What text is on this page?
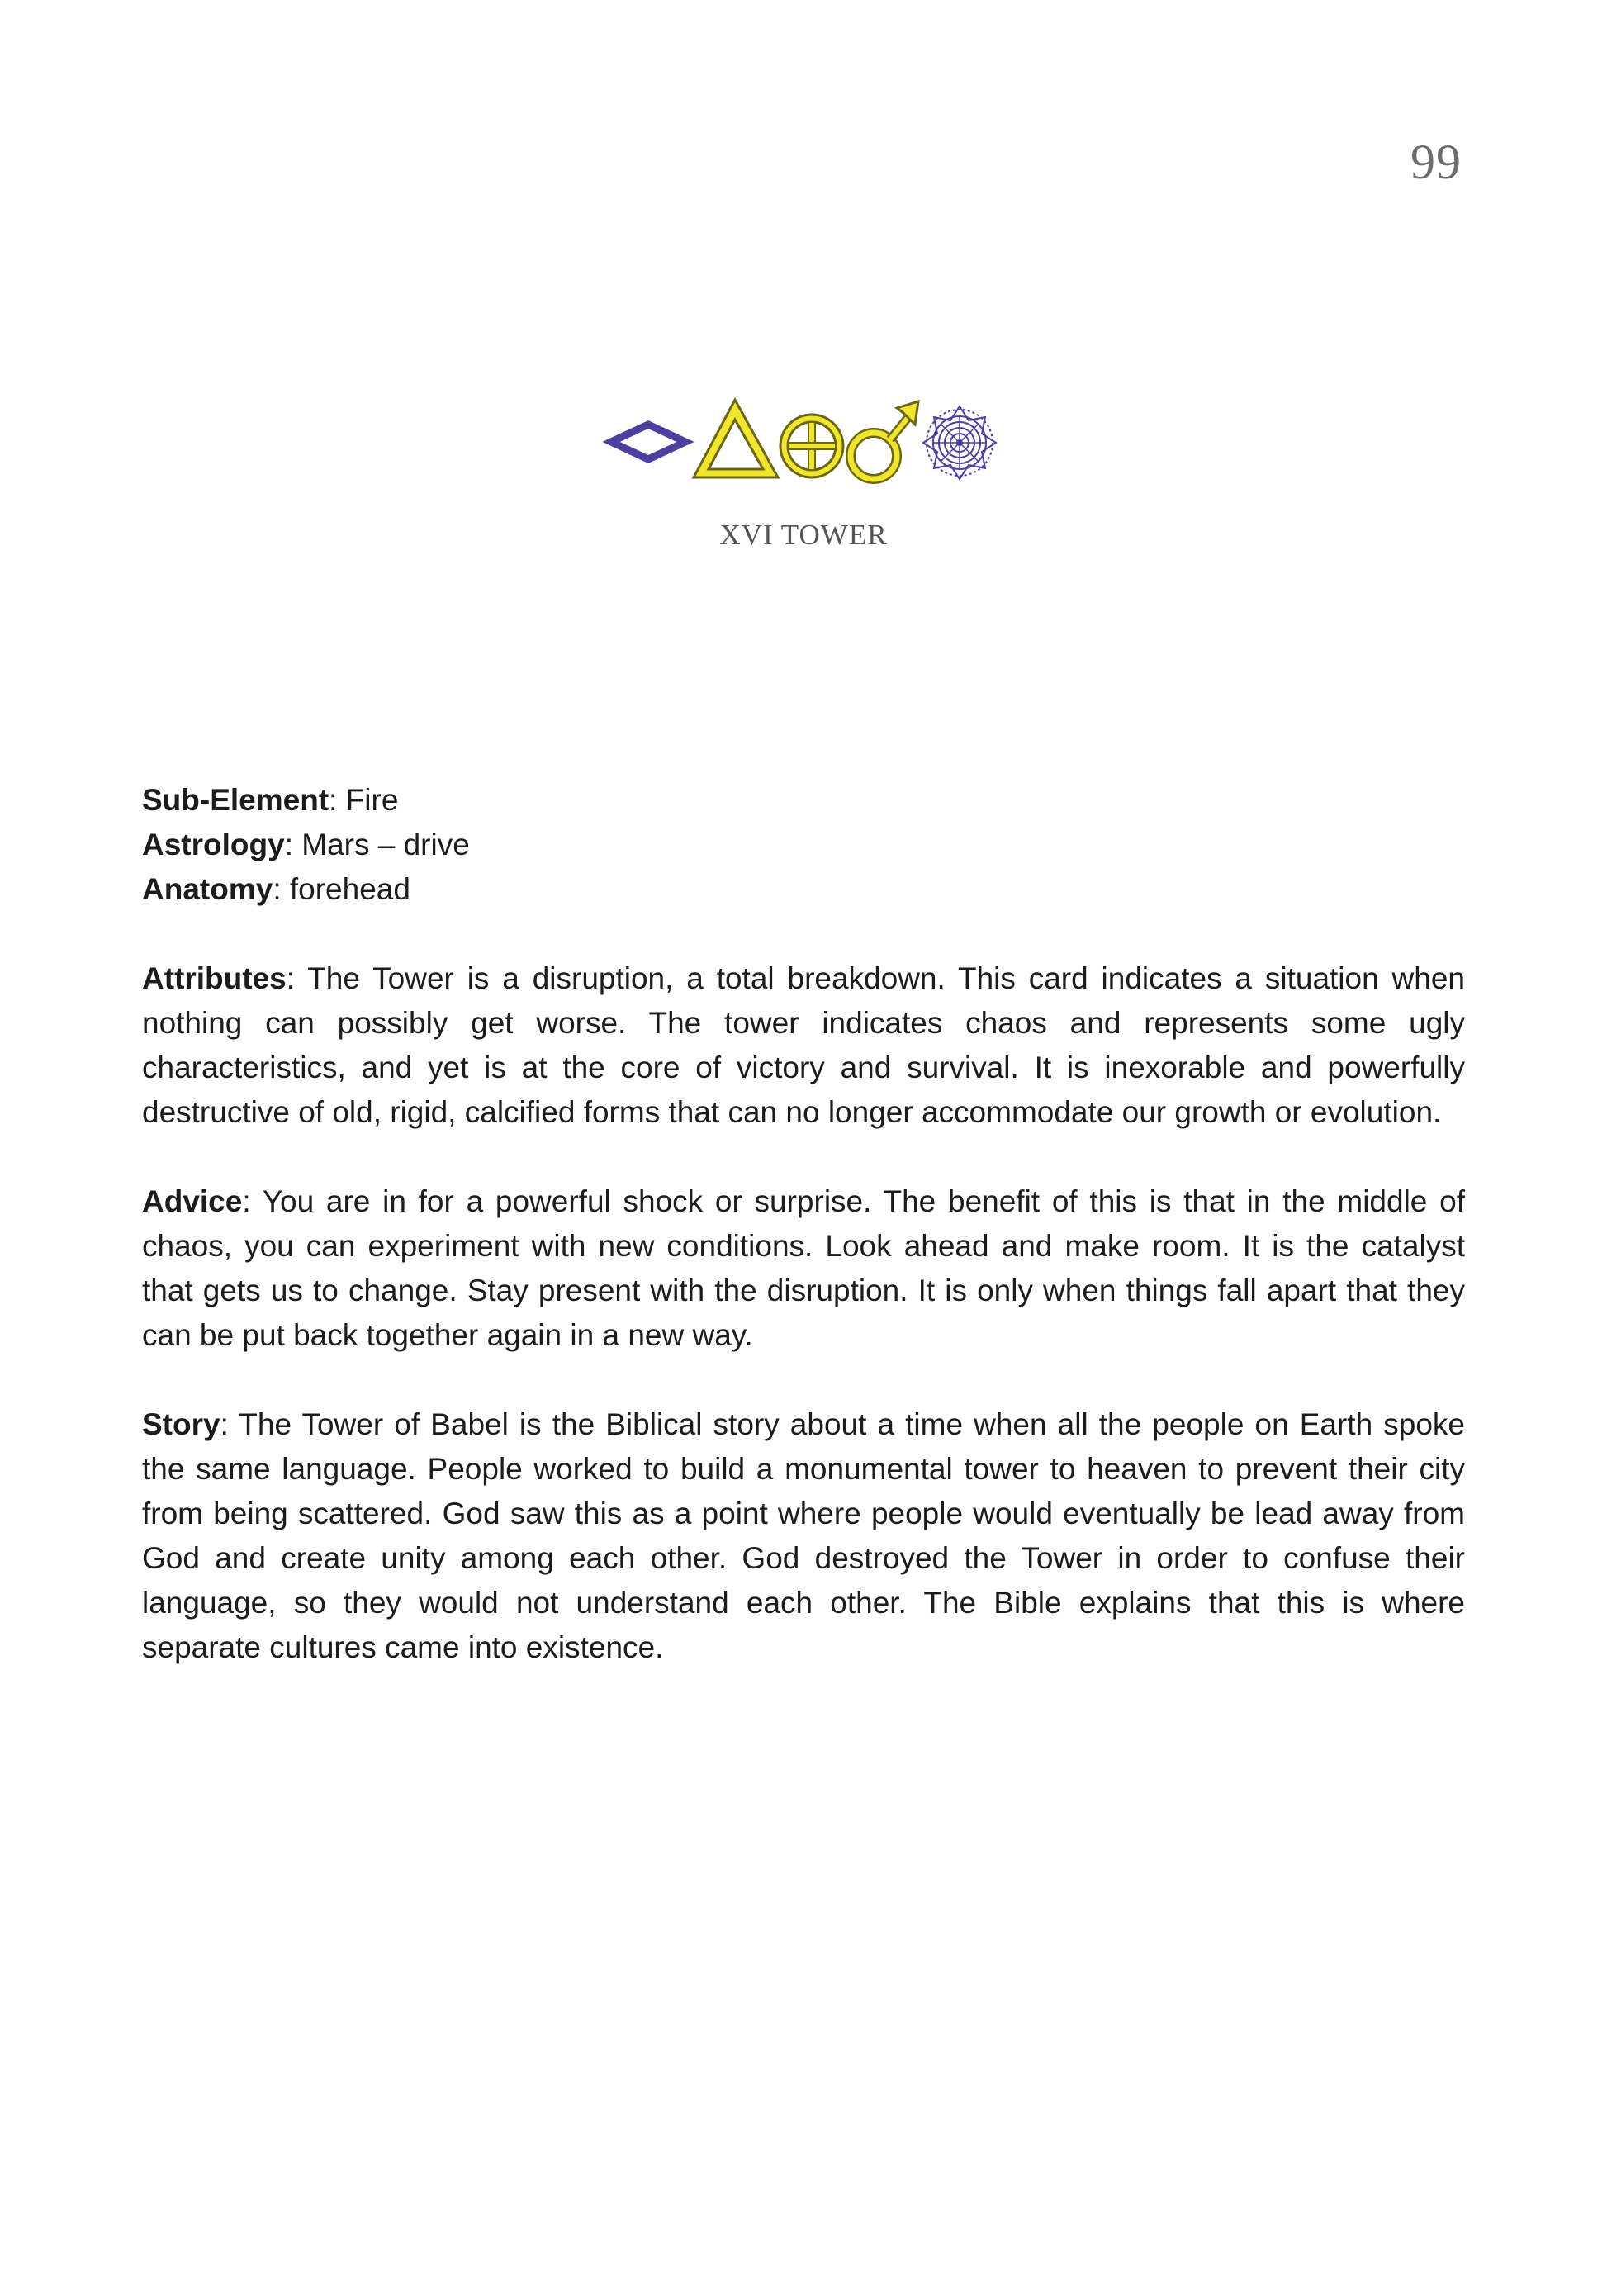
99
XVI TOWER

Sub-Element: Fire

Astrology: Mars – drive

Anatomy: forehead

Attributes: The Tower is a disruption, a total breakdown. This card indicates a situation when nothing can possibly get worse. The tower indicates chaos and represents some ugly characteristics, and yet is at the core of victory and survival. It is inexorable and powerfully destructive of old, rigid, calcified forms that can no longer accommodate our growth or evolution.

Advice: You are in for a powerful shock or surprise. The benefit of this is that in the middle of chaos, you can experiment with new conditions. Look ahead and make room. It is the catalyst that gets us to change. Stay present with the disruption. It is only when things fall apart that they can be put back together again in a new way.

Story: The Tower of Babel is the Biblical story about a time when all the people on Earth spoke the same language. People worked to build a monumental tower to heaven to prevent their city from being scattered. God saw this as a point where people would eventually be lead away from God and create unity among each other. God destroyed the Tower in order to confuse their language, so they would not understand each other. The Bible explains that this is where separate cultures came into existence.
